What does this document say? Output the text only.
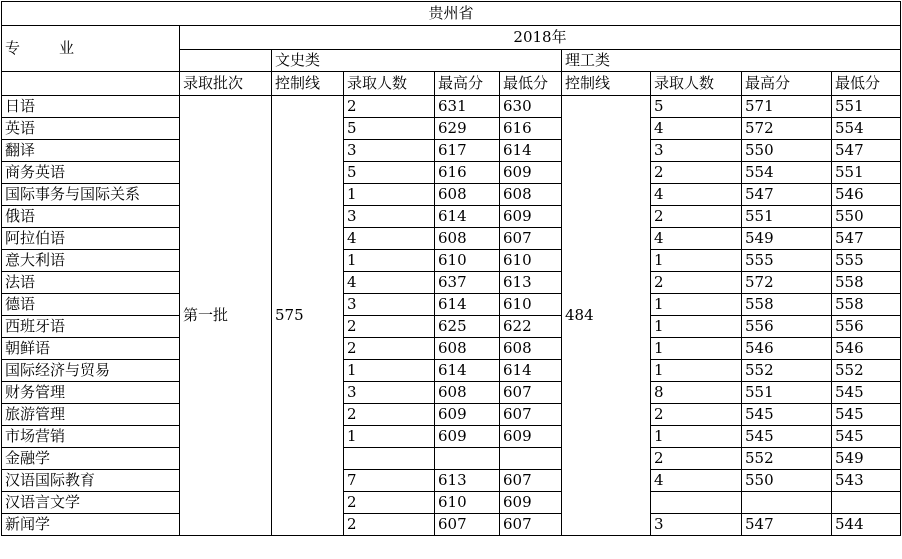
贵州省									
专 业	2018年								
		文史类				理工类			
	录取批次	控制线	录取人数	最高分	最低分	控制线	录取人数	最高分	最低分
日语	第一批	575	2	631	630	484	5	571	551
英语			5	629	616		4	572	554
翻译			3	617	614		3	550	547
商务英语			5	616	609		2	554	551
国际事务与国际关系			1	608	608		4	547	546
俄语			3	614	609		2	551	550
阿拉伯语			4	608	607		4	549	547
意大利语			1	610	610		1	555	555
法语			4	637	613		2	572	558
德语			3	614	610		1	558	558
西班牙语			2	625	622		1	556	556
朝鲜语			2	608	608		1	546	546
国际经济与贸易			1	614	614		1	552	552
财务管理			3	608	607		8	551	545
旅游管理			2	609	607		2	545	545
市场营销			1	609	609		1	545	545
金融学							2	552	549
汉语国际教育			7	613	607		4	550	543
汉语言文学			2	610	609				
新闻学			2	607	607		3	547	544
